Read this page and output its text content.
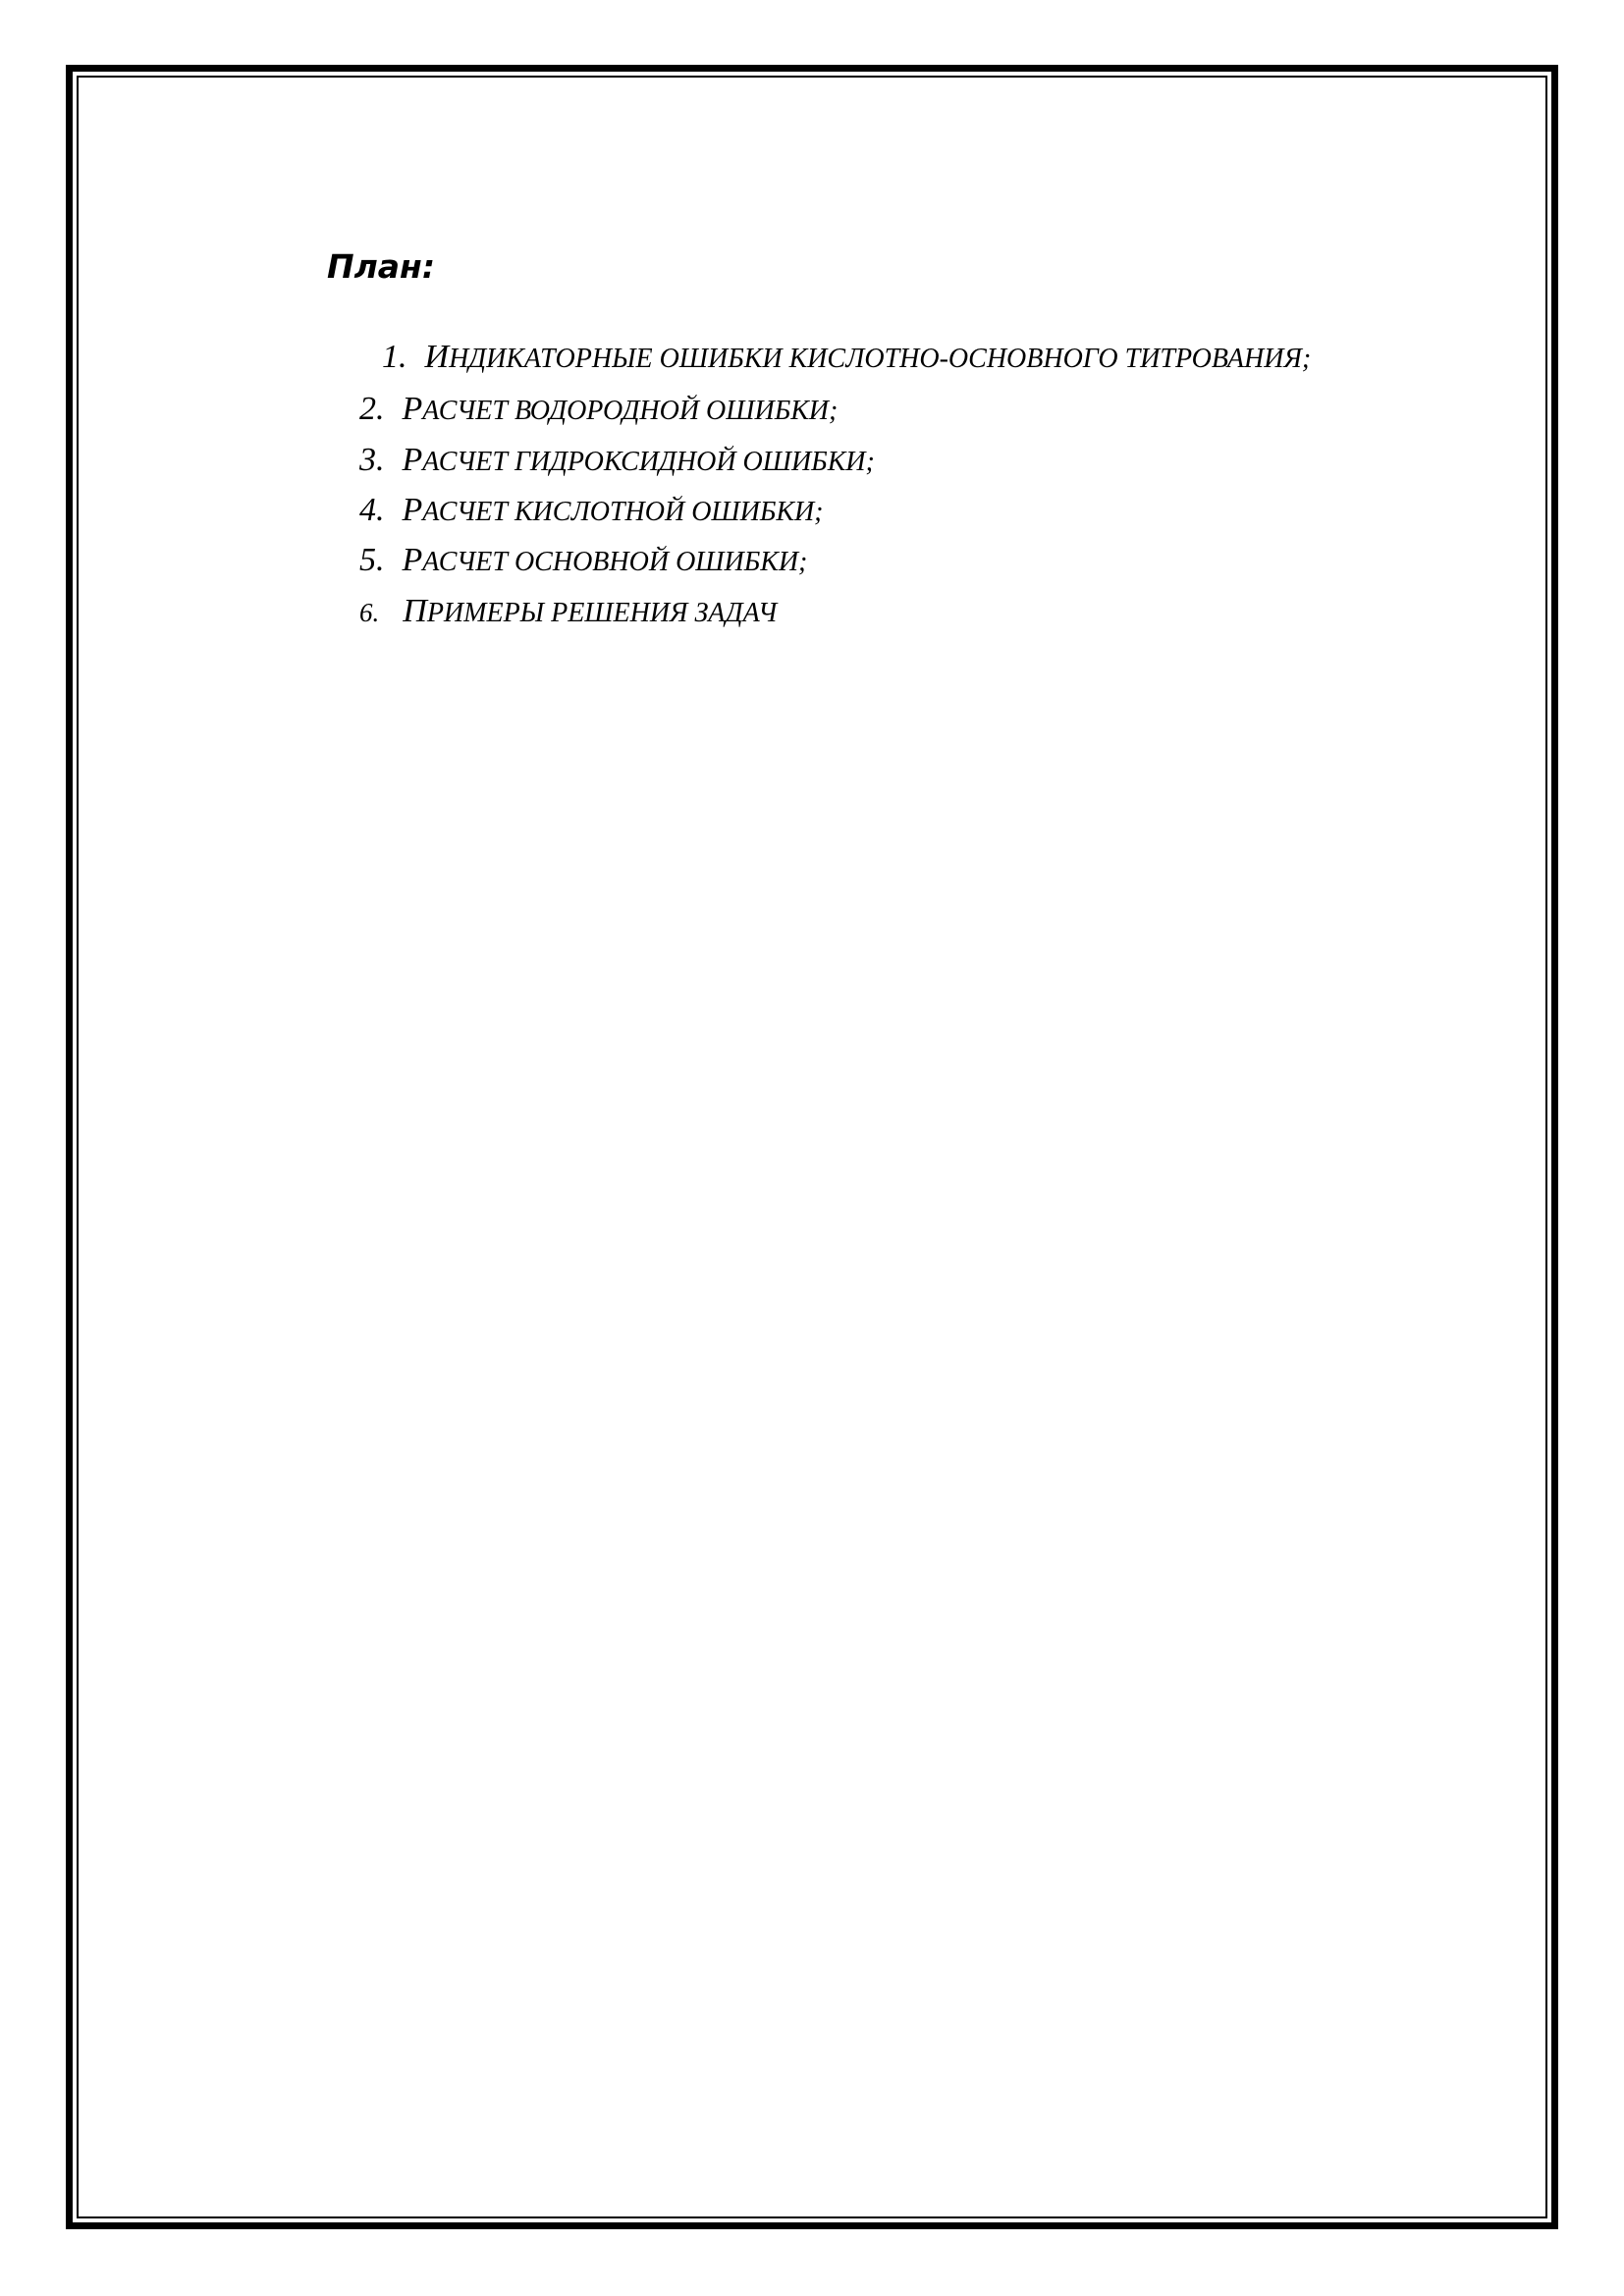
План:
1. ИНДИКАТОРНЫЕ ОШИБКИ КИСЛОТНО-ОСНОВНОГО ТИТРОВАНИЯ;
2. РАСЧЕТ ВОДОРОДНОЙ ОШИБКИ;
3. РАСЧЕТ ГИДРОКСИДНОЙ ОШИБКИ;
4. РАСЧЕТ КИСЛОТНОЙ ОШИБКИ;
5. РАСЧЕТ ОСНОВНОЙ ОШИБКИ;
6. ПРИМЕРЫ РЕШЕНИЯ ЗАДАЧ
